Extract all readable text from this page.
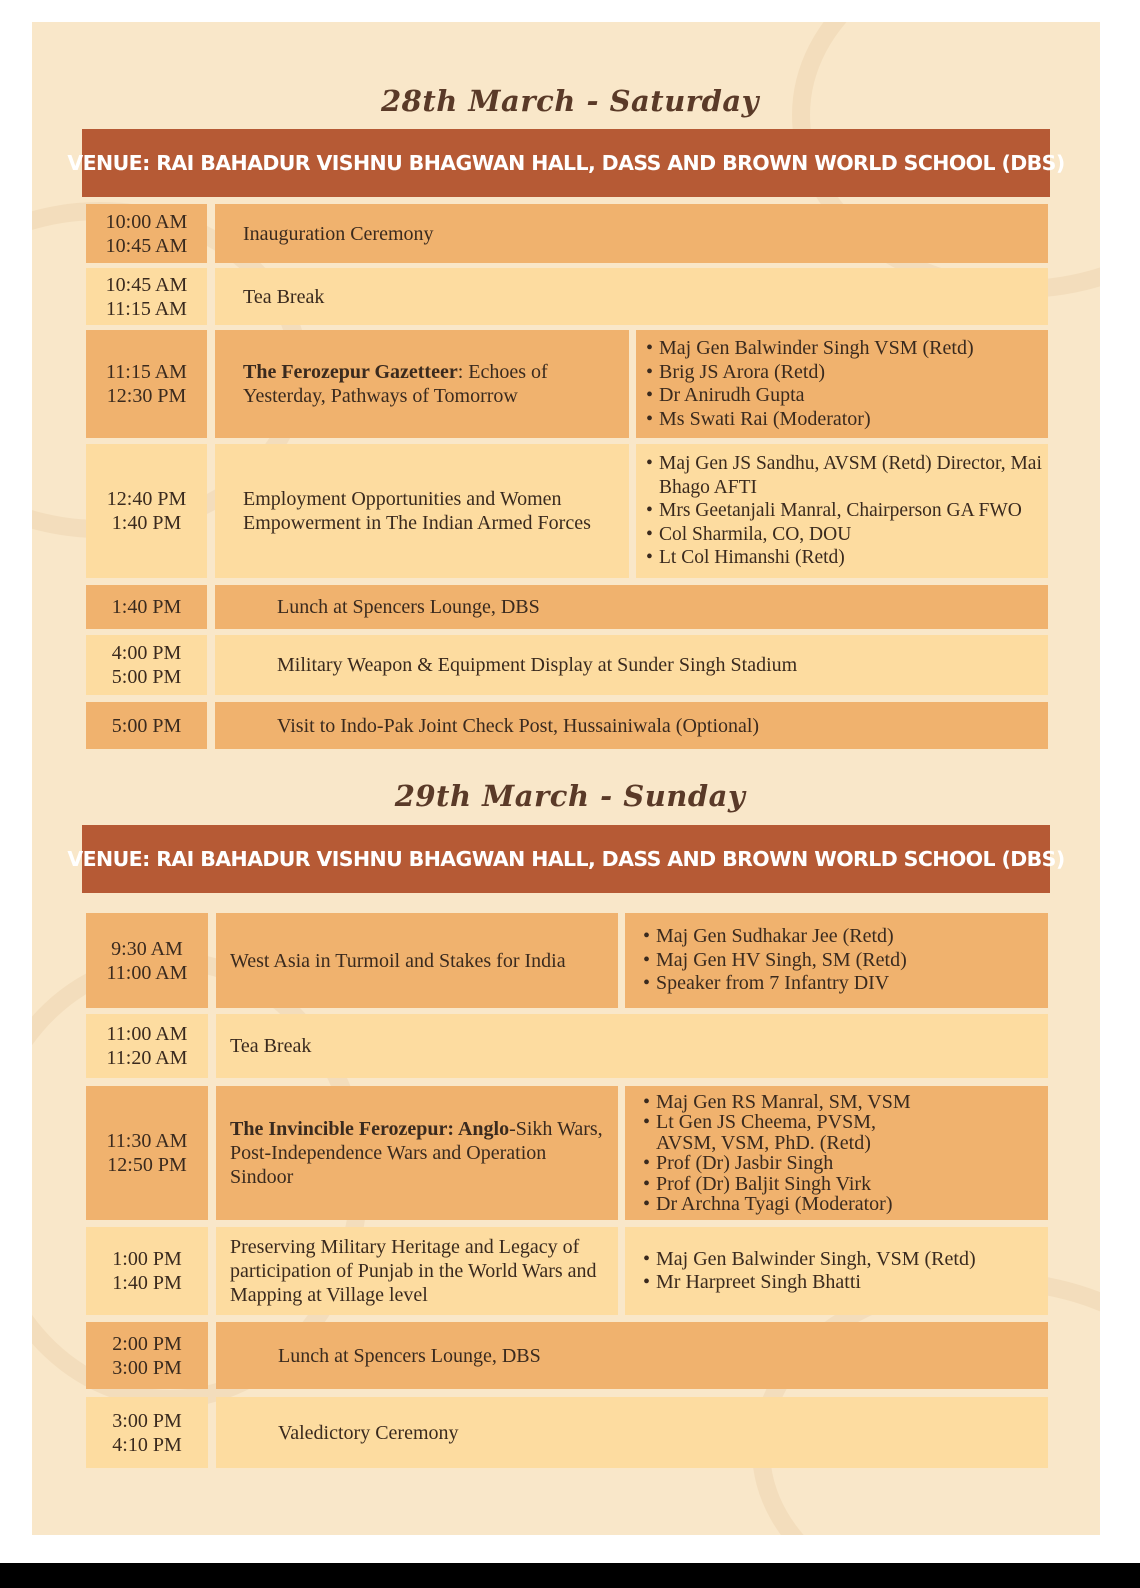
28th March - Saturday
VENUE: RAI BAHADUR VISHNU BHAGWAN HALL, DASS AND BROWN WORLD SCHOOL (DBS)
10:00 AM
10:45 AM
Inauguration Ceremony
10:45 AM
11:15 AM
Tea Break
11:15 AM
12:30 PM
The Ferozepur Gazetteer: Echoes of Yesterday, Pathways of Tomorrow
• Maj Gen Balwinder Singh VSM (Retd)
• Brig JS Arora (Retd)
• Dr Anirudh Gupta
• Ms Swati Rai (Moderator)
12:40 PM
1:40 PM
Employment Opportunities and Women Empowerment in The Indian Armed Forces
• Maj Gen JS Sandhu, AVSM (Retd) Director, Mai Bhago AFTI
• Mrs Geetanjali Manral, Chairperson GA FWO
• Col Sharmila, CO, DOU
• Lt Col Himanshi (Retd)
1:40 PM	Lunch at Spencers Lounge, DBS
4:00 PM
5:00 PM
Military Weapon & Equipment Display at Sunder Singh Stadium
5:00 PM	Visit to Indo-Pak Joint Check Post, Hussainiwala (Optional)
29th March - Sunday
VENUE: RAI BAHADUR VISHNU BHAGWAN HALL, DASS AND BROWN WORLD SCHOOL (DBS)
9:30 AM
11:00 AM
West Asia in Turmoil and Stakes for India
• Maj Gen Sudhakar Jee (Retd)
• Maj Gen HV Singh, SM (Retd)
• Speaker from 7 Infantry DIV
11:00 AM
11:20 AM
Tea Break
11:30 AM
12:50 PM
The Invincible Ferozepur: Anglo-Sikh Wars, Post-Independence Wars and Operation Sindoor
• Maj Gen RS Manral, SM, VSM
• Lt Gen JS Cheema, PVSM, AVSM, VSM, PhD. (Retd)
• Prof (Dr) Jasbir Singh
• Prof (Dr) Baljit Singh Virk
• Dr Archna Tyagi (Moderator)
1:00 PM
1:40 PM
Preserving Military Heritage and Legacy of participation of Punjab in the World Wars and Mapping at Village level
• Maj Gen Balwinder Singh, VSM (Retd)
• Mr Harpreet Singh Bhatti
2:00 PM
3:00 PM
Lunch at Spencers Lounge, DBS
3:00 PM
4:10 PM
Valedictory Ceremony
